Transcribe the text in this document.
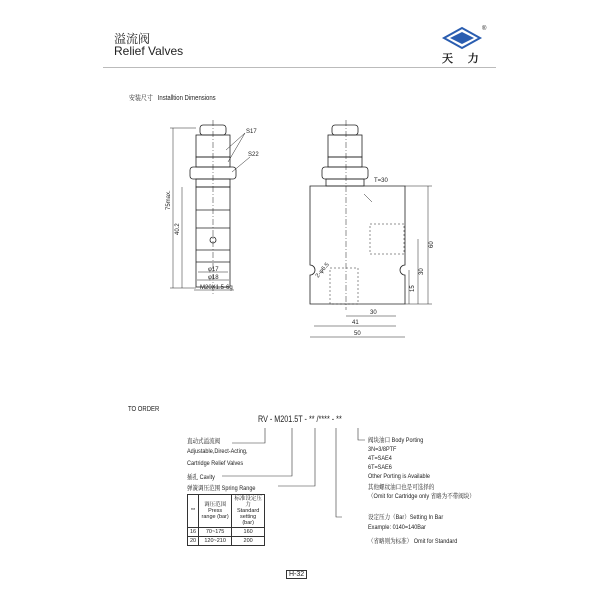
溢流阀
Relief Valves
®
天 力
安装尺寸 Installtion Dimensions
S17
S22
75max.
40.2
φ17
φ18
M20X1.5-6g
T=30
2-φ6.5
60
30
15
30
41
50
TO ORDER
RV - M201.5T - ** /**** - **
直动式溢流阀
Adjustable,Direct-Acting,
Cartridge Relief Valves
插孔 Cavity
弹簧调压范围 Spring Range
**	调压范围 Press range (bar)	标准设定压力 Standard setting (bar)
16	70~175	160
20	120~210	200
阀块油口 Body Porting
3N=3/8PTF
4T=SAE4
6T=SAE6
Other Porting is Available
其他螺纹油口也是可选择的
（Omit for Cartridge only 省略为不带阀块）
设定压力（Bar）Setting In Bar
Example: 0140=140Bar
（省略则为标准） Omit for Standard
H-32
